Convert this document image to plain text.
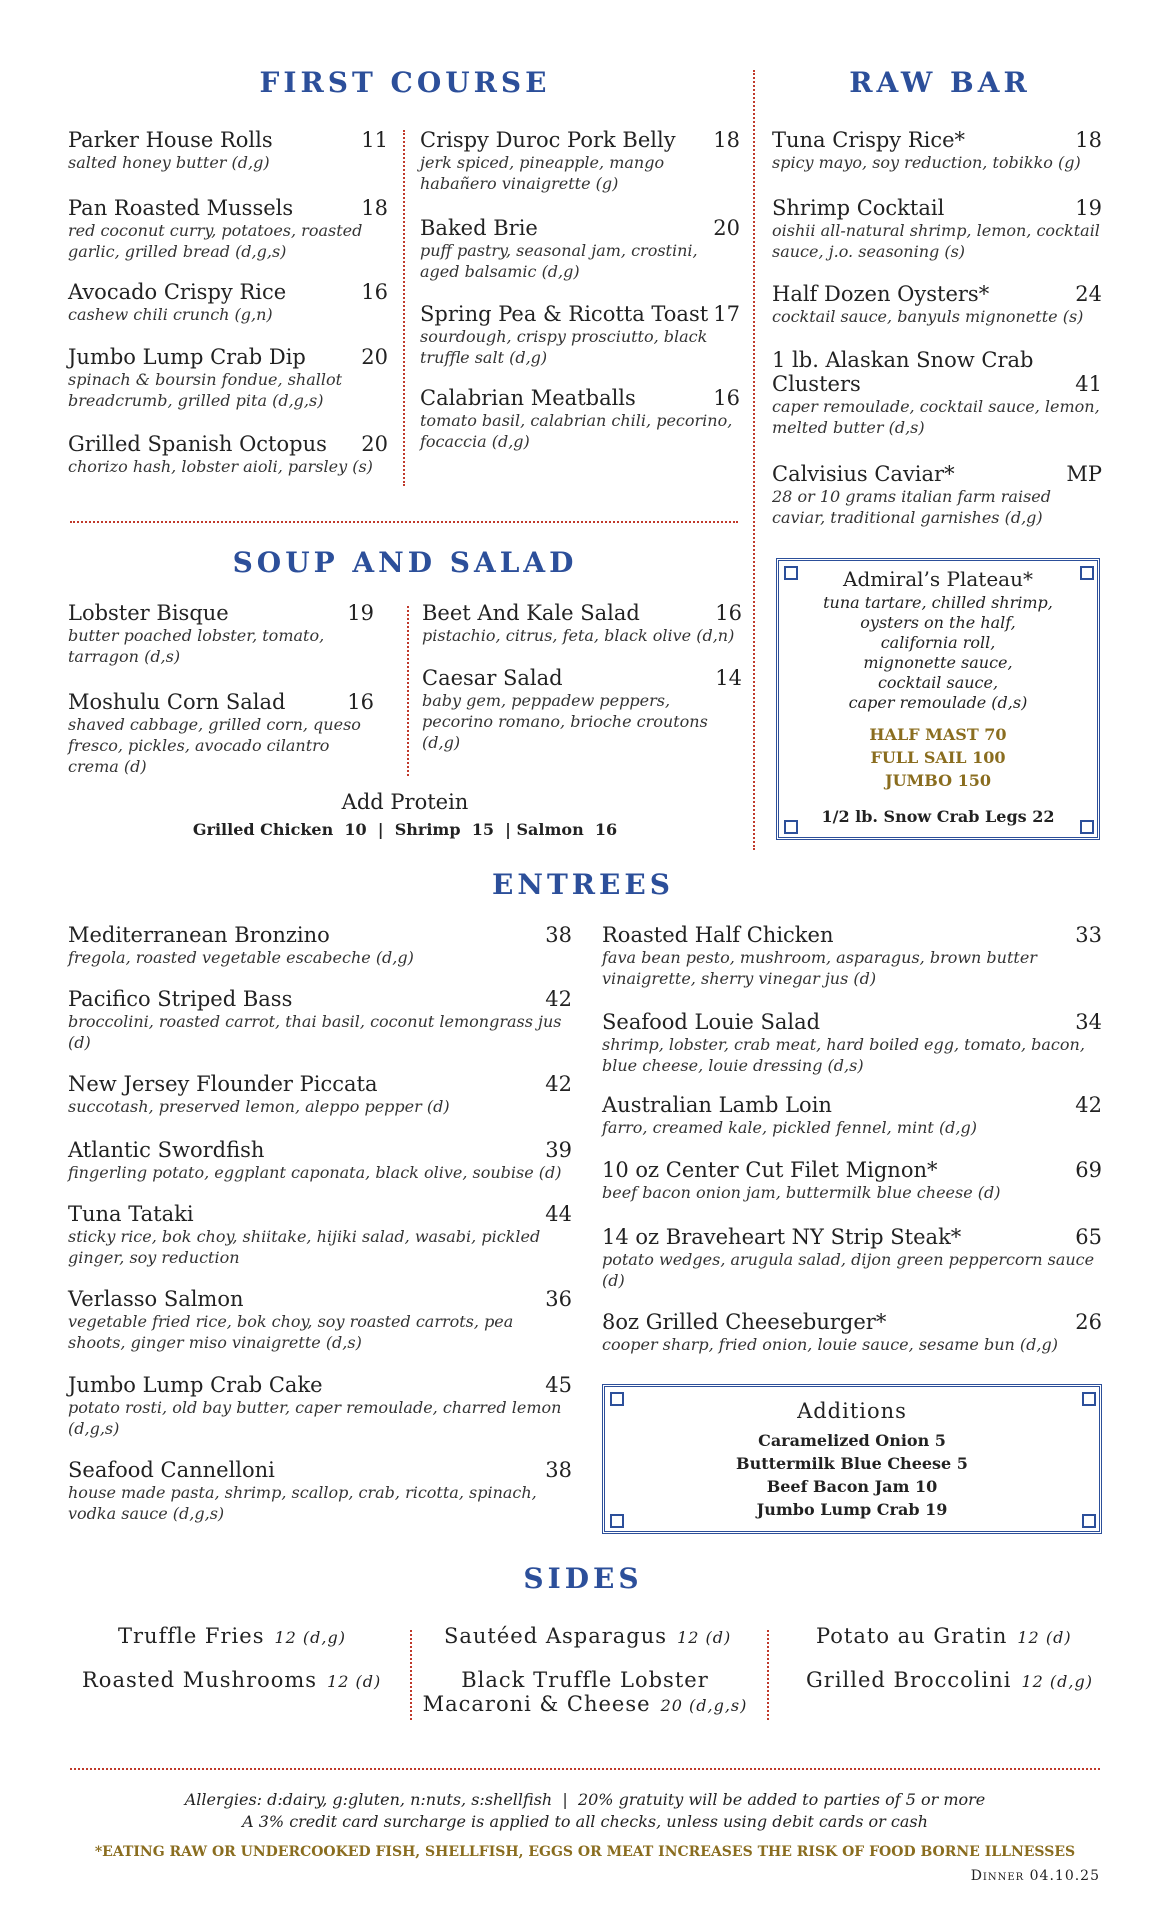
FIRST COURSE
Parker House Rolls	11
salted honey butter (d,g)
Pan Roasted Mussels	18
red coconut curry, potatoes, roasted garlic, grilled bread (d,g,s)
Avocado Crispy Rice	16
cashew chili crunch (g,n)
Jumbo Lump Crab Dip	20
spinach & boursin fondue, shallot breadcrumb, grilled pita (d,g,s)
Grilled Spanish Octopus 20
chorizo hash, lobster aioli, parsley (s)
Crispy Duroc Pork Belly 18
jerk spiced, pineapple, mango habañero vinaigrette (g)
Baked Brie	20
puff pastry, seasonal jam, crostini, aged balsamic (d,g)
Spring Pea & Ricotta Toast 17
sourdough, crispy prosciutto, black truffle salt (d,g)
Calabrian Meatballs	16
tomato basil, calabrian chili, pecorino, focaccia (d,g)
RAW BAR
Tuna Crispy Rice*	18
spicy mayo, soy reduction, tobikko (g)
Shrimp Cocktail	19
oishii all-natural shrimp, lemon, cocktail sauce, j.o. seasoning (s)
Half Dozen Oysters*	24
cocktail sauce, banyuls mignonette (s)
1 lb. Alaskan Snow Crab
Clusters	41
caper remoulade, cocktail sauce, lemon, melted butter (d,s)
Calvisius Caviar*	MP
28 or 10 grams italian farm raised caviar, traditional garnishes (d,g)
Admiral’s Plateau*
tuna tartare, chilled shrimp,
oysters on the half,
california roll,
mignonette sauce,
cocktail sauce,
caper remoulade (d,s)
HALF MAST 70
FULL SAIL 100
JUMBO 150
1/2 lb. Snow Crab Legs 22
SOUP AND SALAD
Lobster Bisque	19
butter poached lobster, tomato, tarragon (d,s)
Moshulu Corn Salad	16
shaved cabbage, grilled corn, queso fresco, pickles, avocado cilantro crema (d)
Beet And Kale Salad	16
pistachio, citrus, feta, black olive (d,n)
Caesar Salad	14
baby gem, peppadew peppers, pecorino romano, brioche croutons (d,g)
Add Protein
Grilled Chicken  10  |  Shrimp  15  | Salmon  16
ENTREES
Mediterranean Bronzino	38
fregola, roasted vegetable escabeche (d,g)
Pacifico Striped Bass	42
broccolini, roasted carrot, thai basil, coconut lemongrass jus (d)
New Jersey Flounder Piccata	42
succotash, preserved lemon, aleppo pepper (d)
Atlantic Swordfish	39
fingerling potato, eggplant caponata, black olive, soubise (d)
Tuna Tataki	44
sticky rice, bok choy, shiitake, hijiki salad, wasabi, pickled ginger, soy reduction
Verlasso Salmon	36
vegetable fried rice, bok choy, soy roasted carrots, pea shoots, ginger miso vinaigrette (d,s)
Jumbo Lump Crab Cake	45
potato rosti, old bay butter, caper remoulade, charred lemon (d,g,s)
Seafood Cannelloni	38
house made pasta, shrimp, scallop, crab, ricotta, spinach, vodka sauce (d,g,s)
Roasted Half Chicken	33
fava bean pesto, mushroom, asparagus, brown butter vinaigrette, sherry vinegar jus (d)
Seafood Louie Salad	34
shrimp, lobster, crab meat, hard boiled egg, tomato, bacon, blue cheese, louie dressing (d,s)
Australian Lamb Loin	42
farro, creamed kale, pickled fennel, mint (d,g)
10 oz Center Cut Filet Mignon*	69
beef bacon onion jam, buttermilk blue cheese (d)
14 oz Braveheart NY Strip Steak*	65
potato wedges, arugula salad, dijon green peppercorn sauce (d)
8oz Grilled Cheeseburger*	26
cooper sharp, fried onion, louie sauce, sesame bun (d,g)
Additions
Caramelized Onion 5
Buttermilk Blue Cheese 5
Beef Bacon Jam 10
Jumbo Lump Crab 19
SIDES
Truffle Fries 12 (d,g)
Roasted Mushrooms 12 (d)
Sautéed Asparagus 12 (d)
Black Truffle Lobster
Macaroni & Cheese 20 (d,g,s)
Potato au Gratin 12 (d)
Grilled Broccolini 12 (d,g)
Allergies: d:dairy, g:gluten, n:nuts, s:shellfish  |  20% gratuity will be added to parties of 5 or more
A 3% credit card surcharge is applied to all checks, unless using debit cards or cash
*EATING RAW OR UNDERCOOKED FISH, SHELLFISH, EGGS OR MEAT INCREASES THE RISK OF FOOD BORNE ILLNESSES
Dinner 04.10.25
